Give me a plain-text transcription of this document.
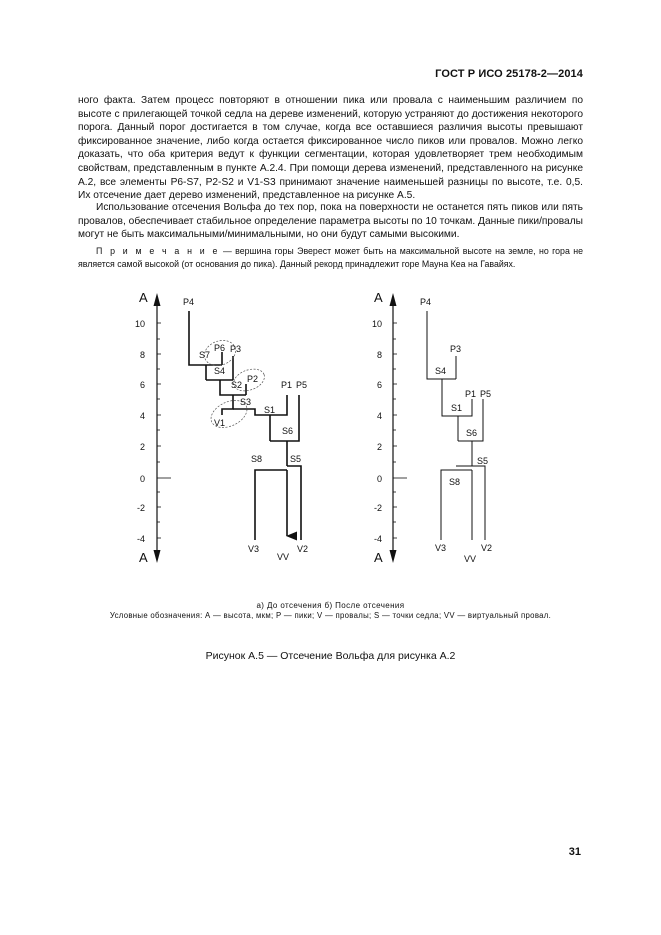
ГОСТ Р ИСО 25178-2—2014
ного факта. Затем процесс повторяют в отношении пика или провала с наименьшим различием по высоте с прилегающей точкой седла на дереве изменений, которую устраняют до достижения некоторого порога. Данный порог достигается в том случае, когда все оставшиеся различия высоты превышают фиксированное значение, либо когда остается фиксированное число пиков или провалов. Можно легко доказать, что оба критерия ведут к функции сегментации, которая удовлетворяет трем необходимым свойствам, представленным в пункте А.2.4. При помощи дерева изменений, представленного на рисунке А.2, все элементы P6-S7, P2-S2 и V1-S3 принимают значение наименьшей разницы по высоте, т.е. 0,5. Их отсечение дает дерево изменений, представленное на рисунке А.5.
Использование отсечения Вольфа до тех пор, пока на поверхности не останется пять пиков или пять провалов, обеспечивает стабильное определение параметра высоты по 10 точкам. Данные пики/провалы могут не быть максимальными/минимальными, но они будут самыми высокими.
П р и м е ч а н и е — вершина горы Эверест может быть на максимальной высоте на земле, но гора не является самой высокой (от основания до пика). Данный рекорд принадлежит горе Мауна Кеа на Гавайях.
A
A
10
8
6
4
2
0
-2
-4
P4
P6 P3
S7
S4
S2
P2
P1 P5
S3
S1
V1
S6
S8	S5
V3
VV
V2
A
A
10
8
6
4
2
0
-2
-4
P4
P3
S4
P1 P5
S1
S6
S5
S8
V3	V2
VV
а) До отсечения б) После отсечения
Условные обозначения: А — высота, мкм; Р — пики; V — провалы; S — точки седла; VV — виртуальный провал.
Рисунок А.5 — Отсечение Вольфа для рисунка А.2
31
